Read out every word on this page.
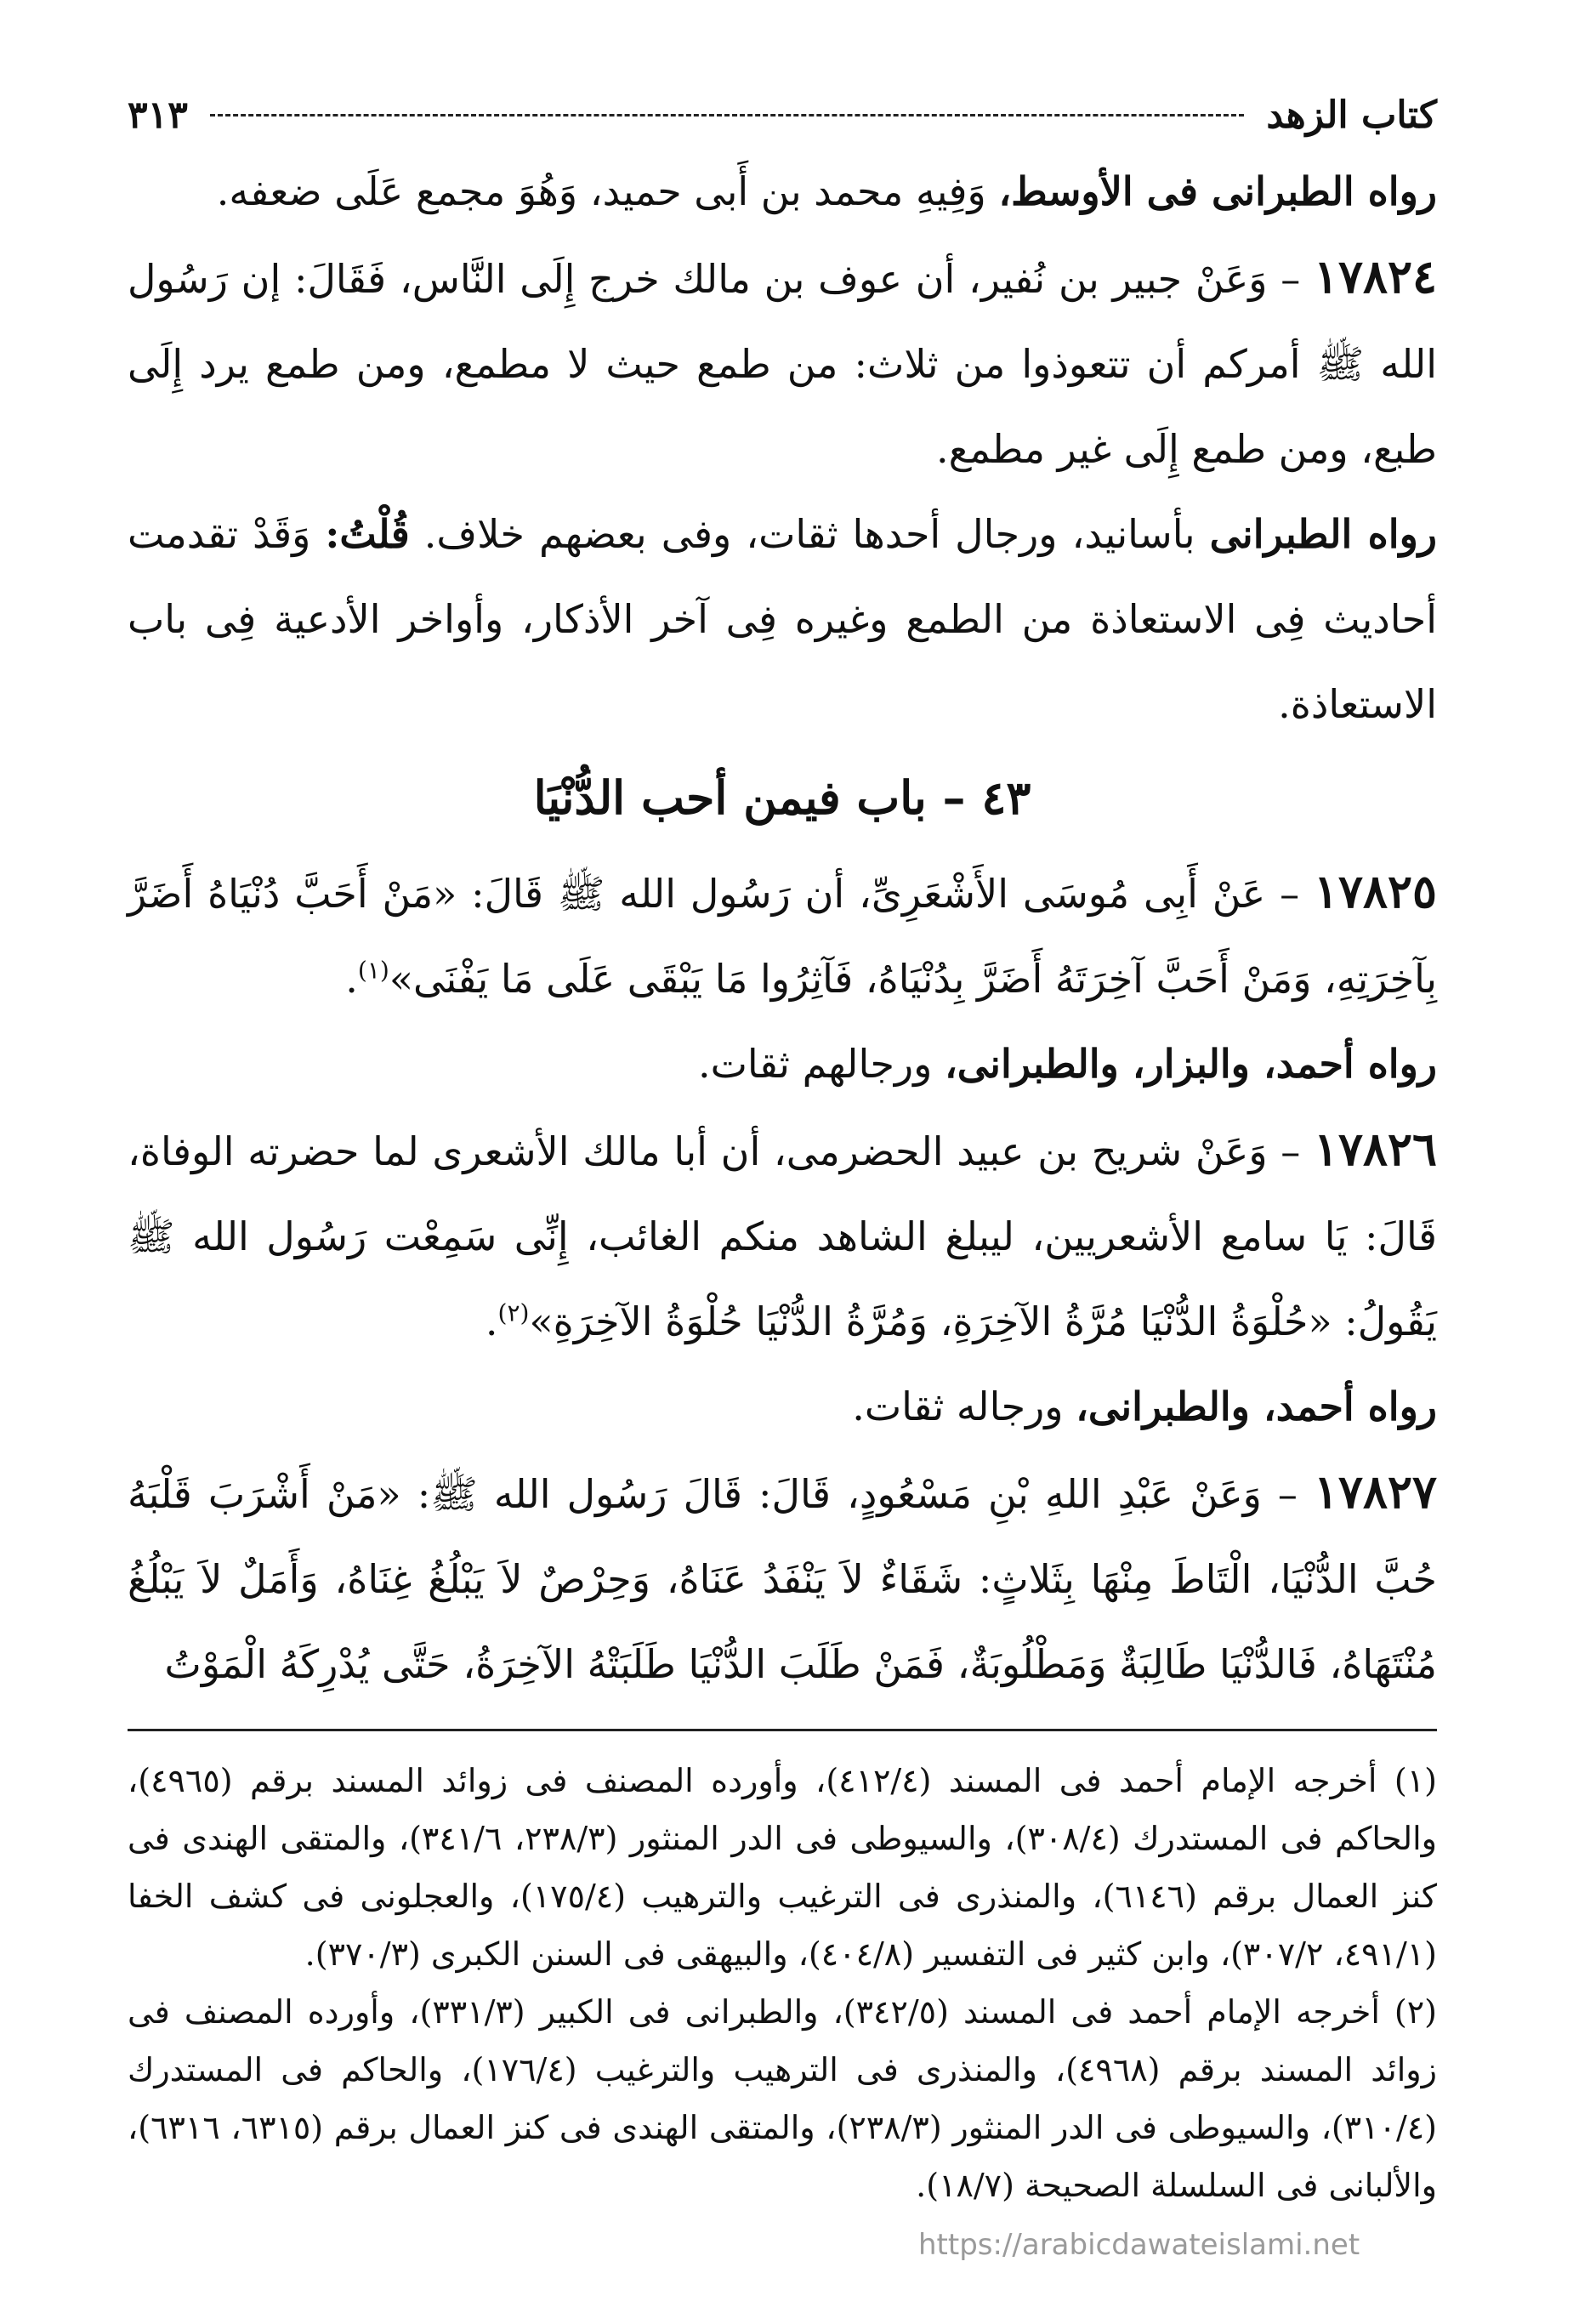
كتاب الزهد
٣١٣

رواه الطبرانى فى الأوسط، وَفِيهِ محمد بن أَبى حميد، وَهُوَ مجمع عَلَى ضعفه.

١٧٨٢٤ – وَعَنْ جبير بن نُفير، أن عوف بن مالك خرج إِلَى النَّاس، فَقَالَ: إن رَسُول الله ﷺ أمركم أن تتعوذوا من ثلاث: من طمع حيث لا مطمع، ومن طمع يرد إِلَى طبع، ومن طمع إِلَى غير مطمع.

رواه الطبرانى بأسانيد، ورجال أحدها ثقات، وفى بعضهم خلاف. قُلْتُ: وَقَدْ تقدمت أحاديث فِى الاستعاذة من الطمع وغيره فِى آخر الأذكار، وأواخر الأدعية فِى باب الاستعاذة.

٤٣ – باب فيمن أحب الدُّنْيَا

١٧٨٢٥ – عَنْ أَبِى مُوسَى الأَشْعَرِىِّ، أن رَسُول الله ﷺ قَالَ: «مَنْ أَحَبَّ دُنْيَاهُ أَضَرَّ بِآخِرَتِهِ، وَمَنْ أَحَبَّ آخِرَتَهُ أَضَرَّ بِدُنْيَاهُ، فَآثِرُوا مَا يَبْقَى عَلَى مَا يَفْنَى»$^{(١)}$.

رواه أحمد، والبزار، والطبرانى، ورجالهم ثقات.

١٧٨٢٦ – وَعَنْ شريح بن عبيد الحضرمى، أن أبا مالك الأشعرى لما حضرته الوفاة، قَالَ: يَا سامع الأشعريين، ليبلغ الشاهد منكم الغائب، إِنِّى سَمِعْت رَسُول الله ﷺ يَقُولُ: «حُلْوَةُ الدُّنْيَا مُرَّةُ الآخِرَةِ، وَمُرَّةُ الدُّنْيَا حُلْوَةُ الآخِرَةِ»$^{(٢)}$.

رواه أحمد، والطبرانى، ورجاله ثقات.

١٧٨٢٧ – وَعَنْ عَبْدِ اللهِ بْنِ مَسْعُودٍ، قَالَ: قَالَ رَسُول الله ﷺ: «مَنْ أَشْرَبَ قَلْبَهُ حُبَّ الدُّنْيَا، الْتَاطَ مِنْهَا بِثَلاثٍ: شَقَاءٌ لاَ يَنْفَدُ عَنَاهُ، وَحِرْصٌ لاَ يَبْلُغُ غِنَاهُ، وَأَمَلٌ لاَ يَبْلُغُ مُنْتَهَاهُ، فَالدُّنْيَا طَالِبَةٌ وَمَطْلُوبَةٌ، فَمَنْ طَلَبَ الدُّنْيَا طَلَبَتْهُ الآخِرَةُ، حَتَّى يُدْرِكَهُ الْمَوْتُ

(١) أخرجه الإمام أحمد فى المسند (٤١٢/٤)، وأورده المصنف فى زوائد المسند برقم (٤٩٦٥)، والحاكم فى المستدرك (٣٠٨/٤)، والسيوطى فى الدر المنثور (٢٣٨/٣، ٣٤١/٦)، والمتقى الهندى فى كنز العمال برقم (٦١٤٦)، والمنذرى فى الترغيب والترهيب (١٧٥/٤)، والعجلونى فى كشف الخفا (٤٩١/١، ٣٠٧/٢)، وابن كثير فى التفسير (٤٠٤/٨)، والبيهقى فى السنن الكبرى (٣٧٠/٣).

(٢) أخرجه الإمام أحمد فى المسند (٣٤٢/٥)، والطبرانى فى الكبير (٣٣١/٣)، وأورده المصنف فى زوائد المسند برقم (٤٩٦٨)، والمنذرى فى الترهيب والترغيب (١٧٦/٤)، والحاكم فى المستدرك (٣١٠/٤)، والسيوطى فى الدر المنثور (٢٣٨/٣)، والمتقى الهندى فى كنز العمال برقم (٦٣١٥، ٦٣١٦)، والألبانى فى السلسلة الصحيحة (١٨/٧).

https://arabicdawateislami.net
